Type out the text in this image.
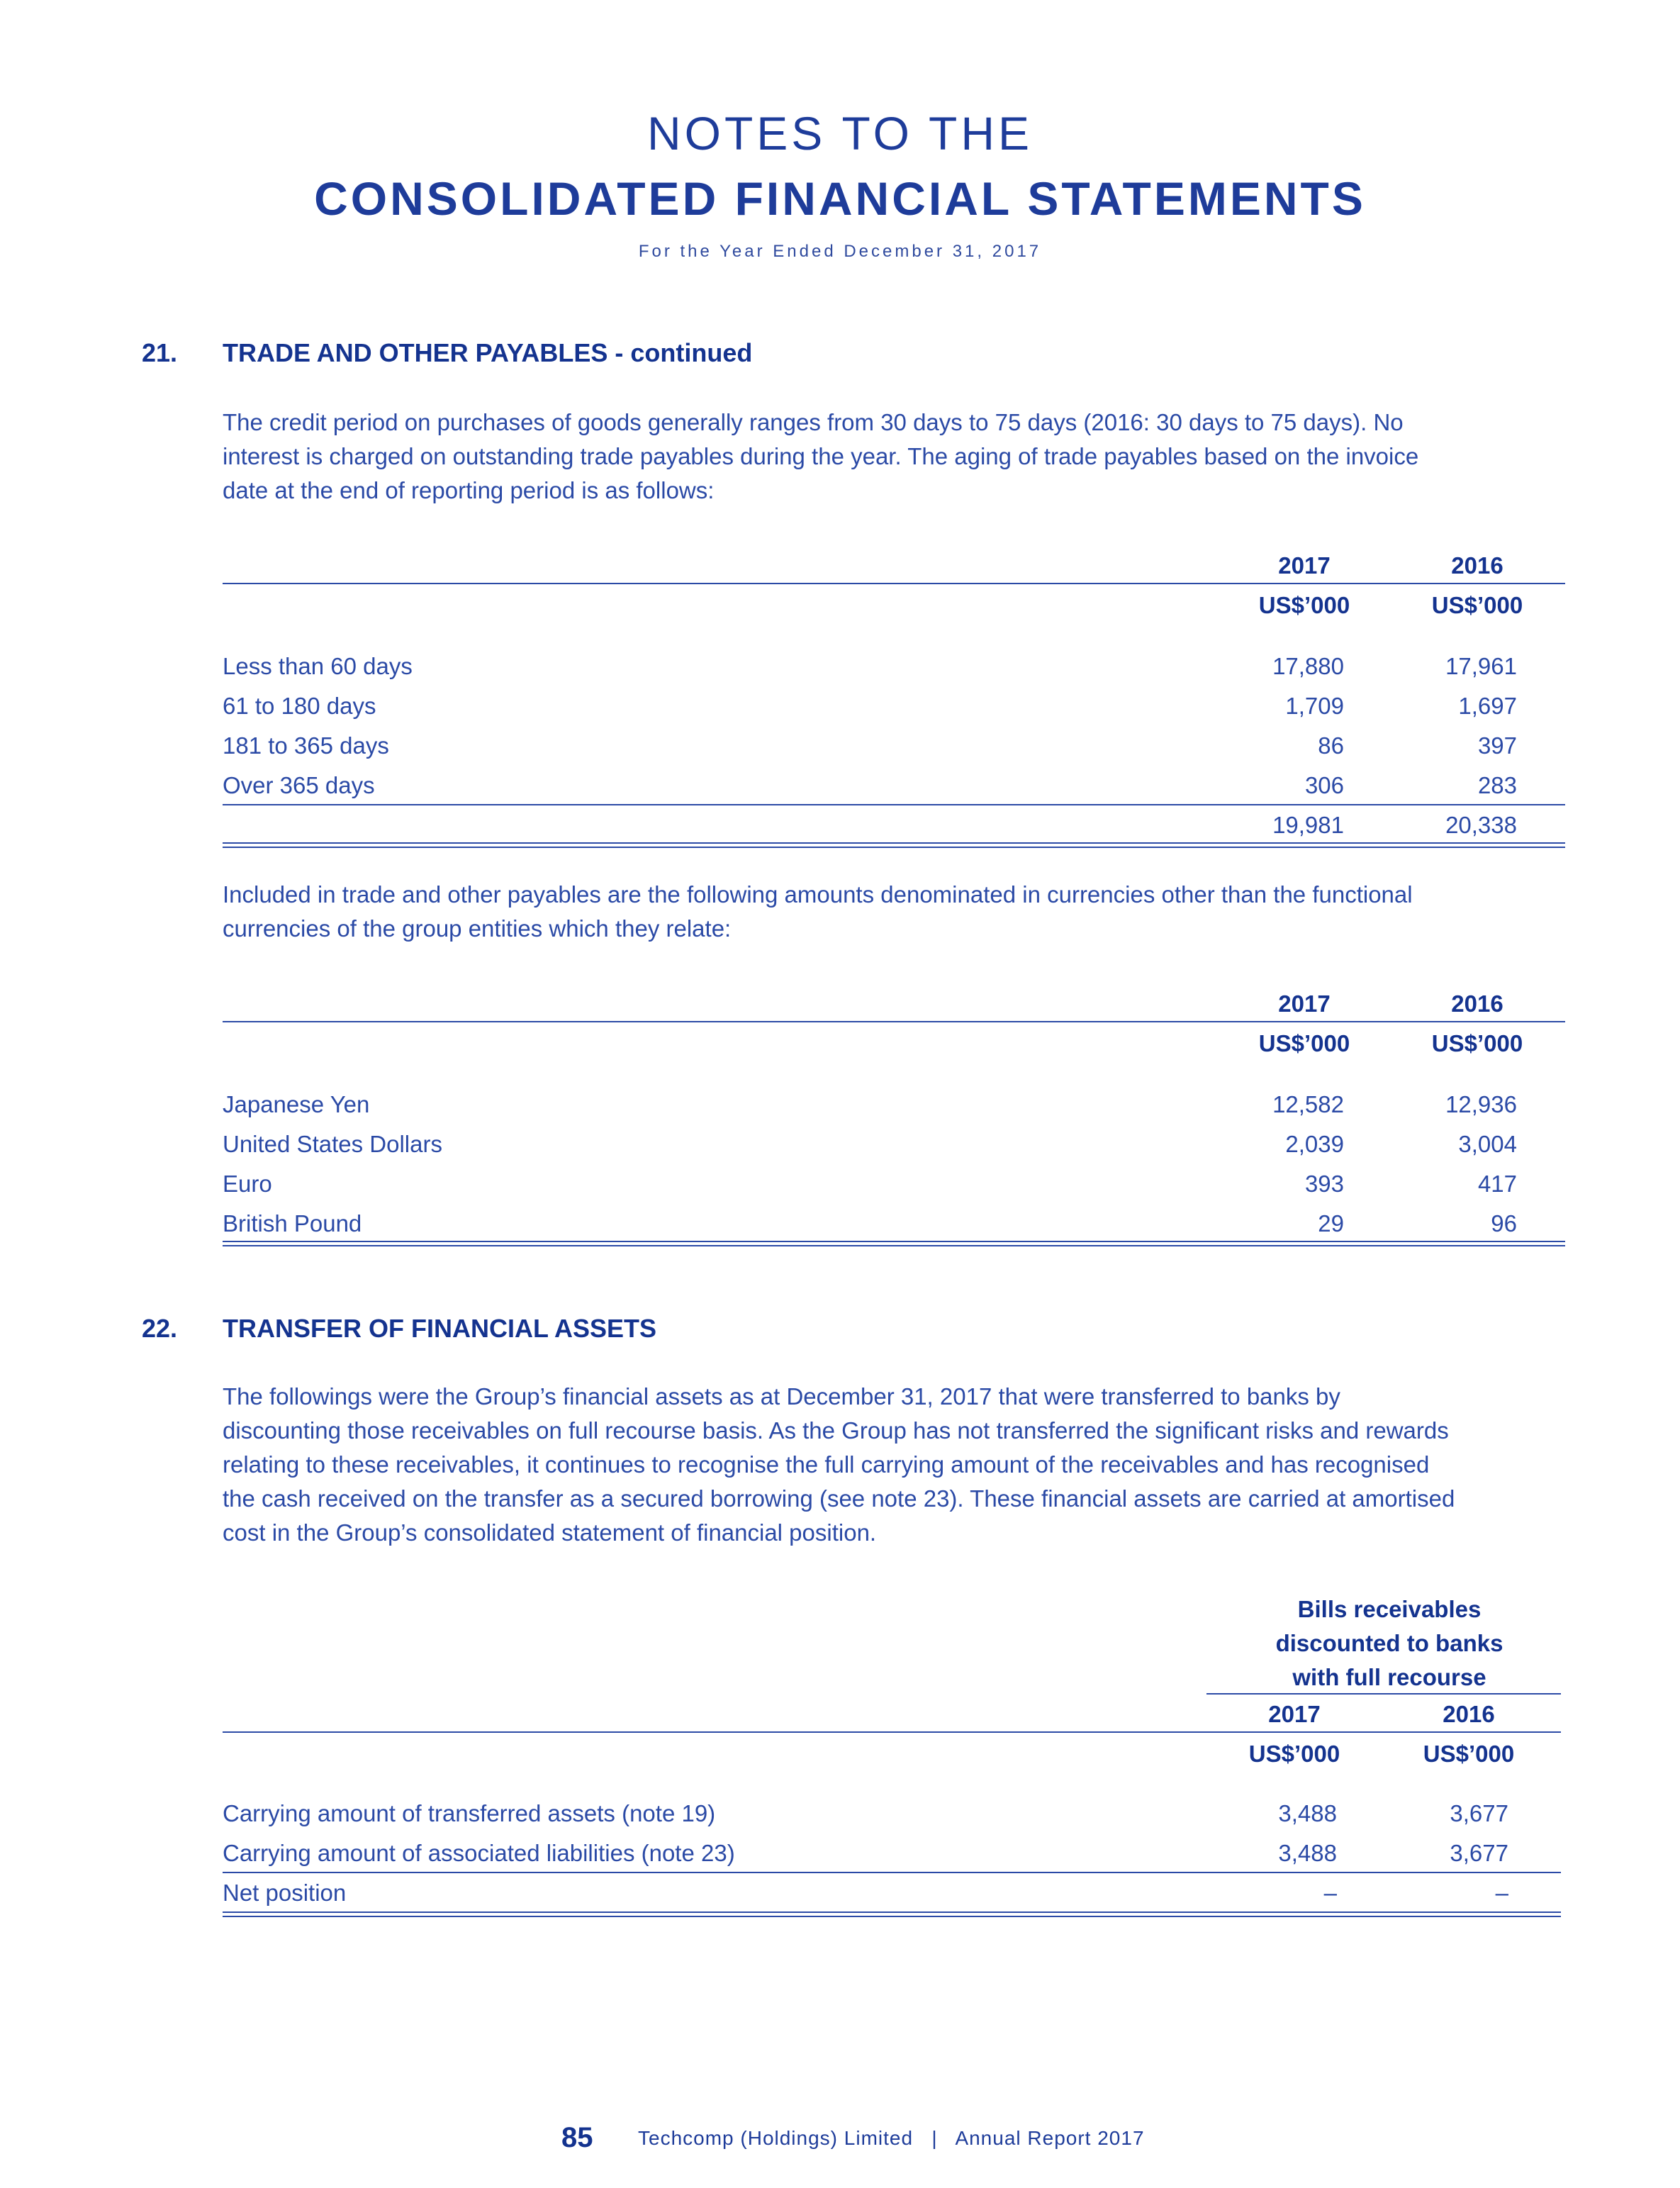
NOTES TO THE
CONSOLIDATED FINANCIAL STATEMENTS
For the Year Ended December 31, 2017
21. TRADE AND OTHER PAYABLES - continued
The credit period on purchases of goods generally ranges from 30 days to 75 days (2016: 30 days to 75 days). No
interest is charged on outstanding trade payables during the year. The aging of trade payables based on the invoice
date at the end of reporting period is as follows:
2017	2016
US$’000	US$’000
Less than 60 days	17,880	17,961
61 to 180 days	1,709	1,697
181 to 365 days	86	397
Over 365 days	306	283
19,981	20,338
Included in trade and other payables are the following amounts denominated in currencies other than the functional
currencies of the group entities which they relate:
2017	2016
US$’000	US$’000
Japanese Yen	12,582	12,936
United States Dollars	2,039	3,004
Euro	393	417
British Pound	29	96
22. TRANSFER OF FINANCIAL ASSETS
The followings were the Group’s financial assets as at December 31, 2017 that were transferred to banks by
discounting those receivables on full recourse basis. As the Group has not transferred the significant risks and rewards
relating to these receivables, it continues to recognise the full carrying amount of the receivables and has recognised
the cash received on the transfer as a secured borrowing (see note 23). These financial assets are carried at amortised
cost in the Group’s consolidated statement of financial position.
Bills receivables
discounted to banks
with full recourse
2017	2016
US$’000	US$’000
Carrying amount of transferred assets (note 19)	3,488	3,677
Carrying amount of associated liabilities (note 23)	3,488	3,677
Net position	–	–
85 Techcomp (Holdings) Limited   |   Annual Report 2017
